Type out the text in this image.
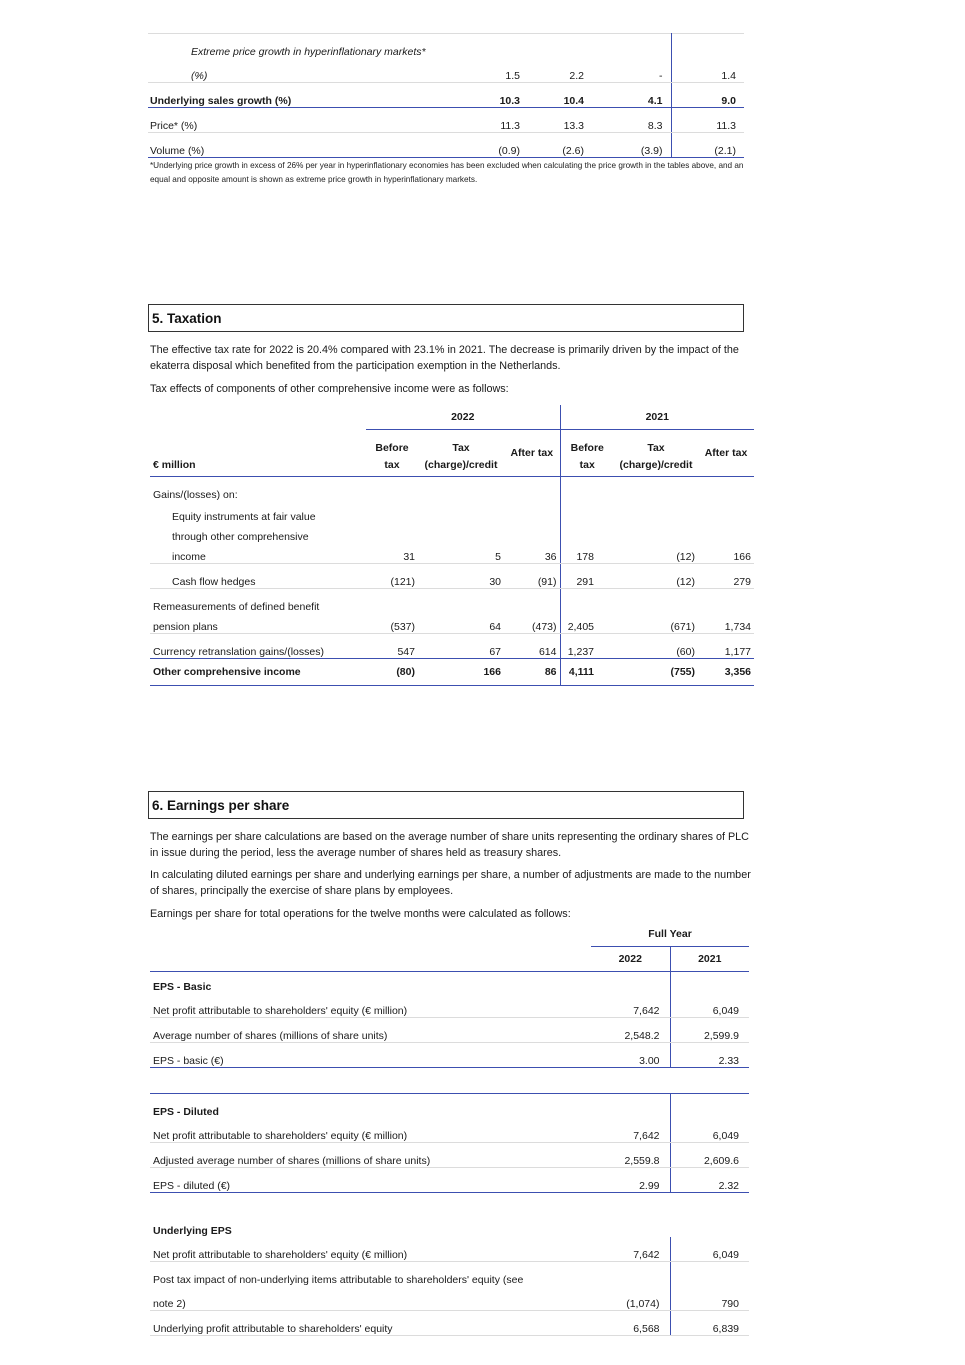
Extreme price growth in hyperinflationary markets*				
(%)	1.5	2.2	-	1.4
Underlying sales growth (%)	10.3	10.4	4.1	9.0
Price* (%)	11.3	13.3	8.3	11.3
Volume (%)	(0.9)	(2.6)	(3.9)	(2.1)
*Underlying price growth in excess of 26% per year in hyperinflationary economies has been excluded when calculating the price growth in the tables above, and an equal and opposite amount is shown as extreme price growth in hyperinflationary markets.
5. Taxation
The effective tax rate for 2022 is 20.4% compared with 23.1% in 2021. The decrease is primarily driven by the impact of the ekaterra disposal which benefited from the participation exemption in the Netherlands.
Tax effects of components of other comprehensive income were as follows:
	2022			2021		
	Before	Tax	After tax	Before	Tax	After tax
€ million	tax	(charge)/credit		tax	(charge)/credit	
Gains/(losses) on:						
Equity instruments at fair value						
through other comprehensive						
income	31	5	36	178	(12)	166
Cash flow hedges	(121)	30	(91)	291	(12)	279
Remeasurements of defined benefit						
pension plans	(537)	64	(473)	2,405	(671)	1,734
Currency retranslation gains/(losses)	547	67	614	1,237	(60)	1,177
Other comprehensive income	(80)	166	86	4,111	(755)	3,356
6. Earnings per share
The earnings per share calculations are based on the average number of share units representing the ordinary shares of PLC in issue during the period, less the average number of shares held as treasury shares.
In calculating diluted earnings per share and underlying earnings per share, a number of adjustments are made to the number of shares, principally the exercise of share plans by employees.
Earnings per share for total operations for the twelve months were calculated as follows:
	Full Year	
	2022	2021
EPS - Basic		
Net profit attributable to shareholders' equity (€ million)	7,642	6,049
Average number of shares (millions of share units)	2,548.2	2,599.9
EPS - basic (€)	3.00	2.33
EPS - Diluted		
Net profit attributable to shareholders' equity (€ million)	7,642	6,049
Adjusted average number of shares (millions of share units)	2,559.8	2,609.6
EPS - diluted (€)	2.99	2.32
Underlying EPS		
Net profit attributable to shareholders' equity (€ million)	7,642	6,049
Post tax impact of non-underlying items attributable to shareholders' equity (see		
note 2)	(1,074)	790
Underlying profit attributable to shareholders' equity	6,568	6,839
